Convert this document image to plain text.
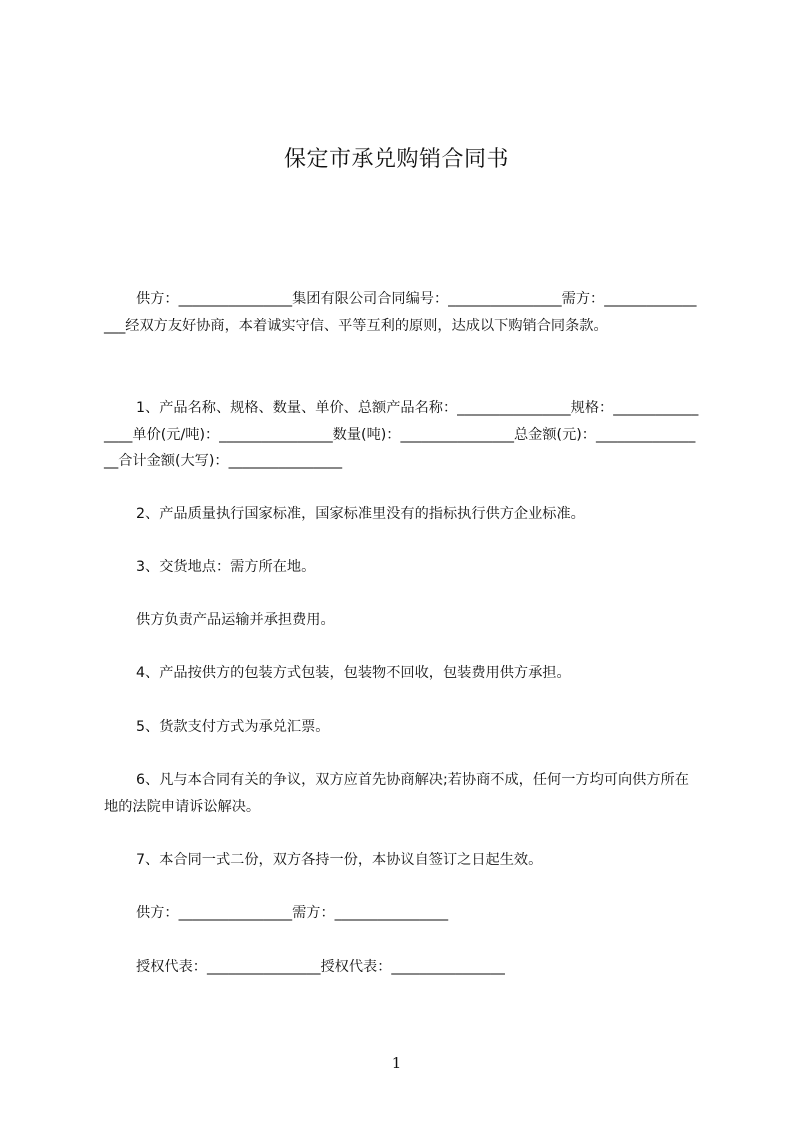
保定市承兑购销合同书

供方：________________集团有限公司合同编号：________________需方：________________经双方友好协商，本着诚实守信、平等互利的原则，达成以下购销合同条款。

1、产品名称、规格、数量、单价、总额产品名称：________________规格：________________单价(元/吨)：________________数量(吨)：________________总金额(元)：________________合计金额(大写)：________________

2、产品质量执行国家标准，国家标准里没有的指标执行供方企业标准。

3、交货地点：需方所在地。

供方负责产品运输并承担费用。

4、产品按供方的包装方式包装，包装物不回收，包装费用供方承担。

5、货款支付方式为承兑汇票。

6、凡与本合同有关的争议，双方应首先协商解决;若协商不成，任何一方均可向供方所在地的法院申请诉讼解决。

7、本合同一式二份，双方各持一份，本协议自签订之日起生效。

供方：________________需方：________________

授权代表：________________授权代表：________________

1
